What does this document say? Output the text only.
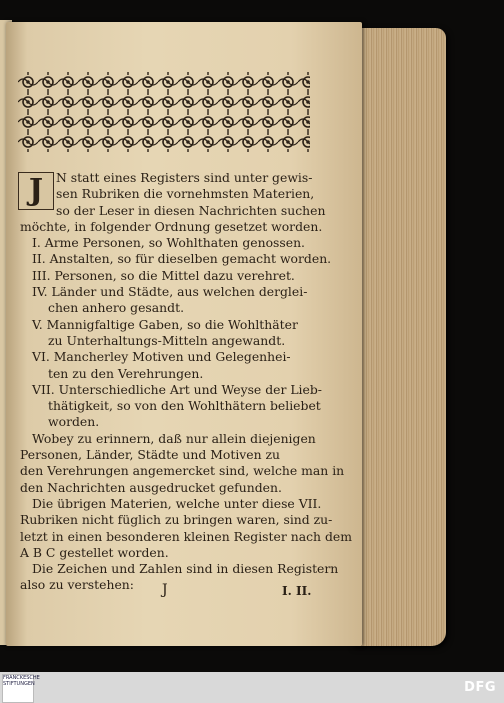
J	N statt eines Registers sind unter gewis-
sen Rubriken die vornehmsten Materien,
so der Leser in diesen Nachrichten suchen
möchte, in folgender Ordnung gesetzet worden.
I. Arme Personen, so Wohlthaten genossen.
II. Anstalten, so für dieselben gemacht worden.
III. Personen, so die Mittel dazu verehret.
IV. Länder und Städte, aus welchen derglei-
chen anhero gesandt.
V. Mannigfaltige Gaben, so die Wohlthäter
zu Unterhaltungs-Mitteln angewandt.
VI. Mancherley Motiven und Gelegenhei-
ten zu den Verehrungen.
VII. Unterschiedliche Art und Weyse der Lieb-
thätigkeit, so von den Wohlthätern beliebet
worden.
Wobey zu erinnern, daß nur allein diejenigen
Personen, Länder, Städte und Motiven zu
den Verehrungen angemercket sind, welche man in
den Nachrichten ausgedrucket gefunden.
Die übrigen Materien, welche unter diese VII.
Rubriken nicht füglich zu bringen waren, sind zu-
letzt in einen besonderen kleinen Register nach dem
A B C gestellet worden.
Die Zeichen und Zahlen sind in diesen Registern
also zu verstehen:	J	I. II.
FRANCKESCHE STIFTUNGEN	DFG
